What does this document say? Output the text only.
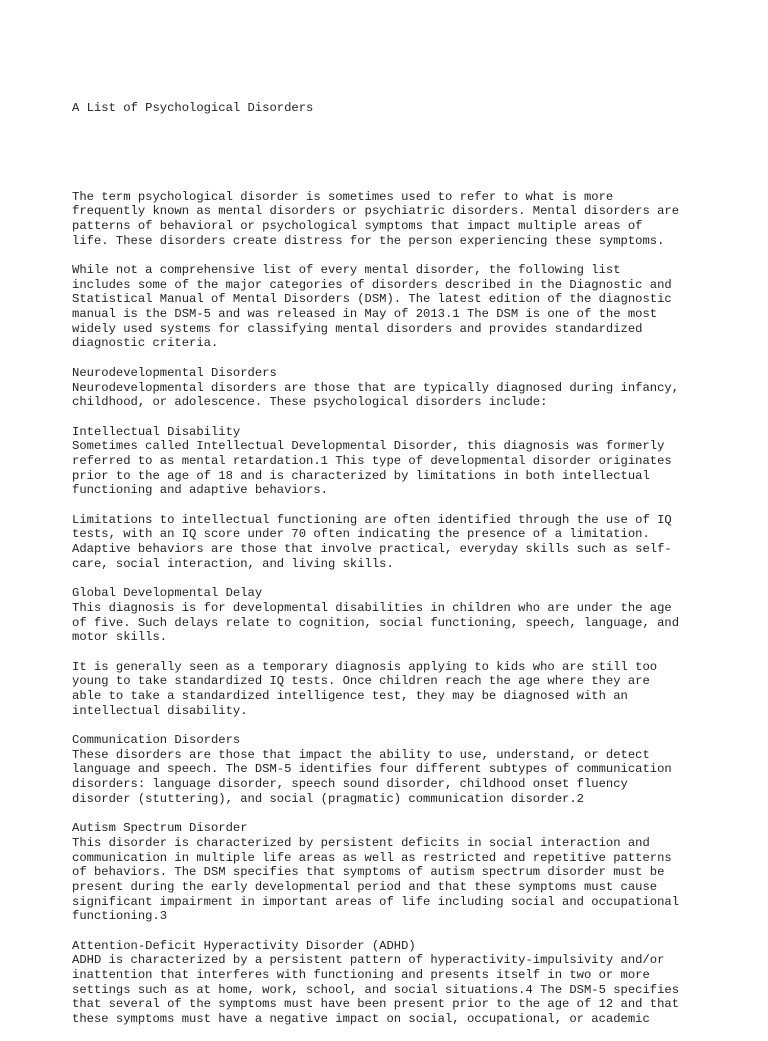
A List of Psychological Disorders

The term psychological disorder is sometimes used to refer to what is more
frequently known as mental disorders or psychiatric disorders. Mental disorders are
patterns of behavioral or psychological symptoms that impact multiple areas of
life. These disorders create distress for the person experiencing these symptoms.
While not a comprehensive list of every mental disorder, the following list
includes some of the major categories of disorders described in the Diagnostic and
Statistical Manual of Mental Disorders (DSM). The latest edition of the diagnostic
manual is the DSM-5 and was released in May of 2013.1 The DSM is one of the most
widely used systems for classifying mental disorders and provides standardized
diagnostic criteria.
Neurodevelopmental Disorders
Neurodevelopmental disorders are those that are typically diagnosed during infancy,
childhood, or adolescence. These psychological disorders include:
Intellectual Disability
Sometimes called Intellectual Developmental Disorder, this diagnosis was formerly
referred to as mental retardation.1 This type of developmental disorder originates
prior to the age of 18 and is characterized by limitations in both intellectual
functioning and adaptive behaviors.
Limitations to intellectual functioning are often identified through the use of IQ
tests, with an IQ score under 70 often indicating the presence of a limitation.
Adaptive behaviors are those that involve practical, everyday skills such as self-
care, social interaction, and living skills.
Global Developmental Delay
This diagnosis is for developmental disabilities in children who are under the age
of five. Such delays relate to cognition, social functioning, speech, language, and
motor skills.
It is generally seen as a temporary diagnosis applying to kids who are still too
young to take standardized IQ tests. Once children reach the age where they are
able to take a standardized intelligence test, they may be diagnosed with an
intellectual disability.
Communication Disorders
These disorders are those that impact the ability to use, understand, or detect
language and speech. The DSM-5 identifies four different subtypes of communication
disorders: language disorder, speech sound disorder, childhood onset fluency
disorder (stuttering), and social (pragmatic) communication disorder.2
Autism Spectrum Disorder
This disorder is characterized by persistent deficits in social interaction and
communication in multiple life areas as well as restricted and repetitive patterns
of behaviors. The DSM specifies that symptoms of autism spectrum disorder must be
present during the early developmental period and that these symptoms must cause
significant impairment in important areas of life including social and occupational
functioning.3
Attention-Deficit Hyperactivity Disorder (ADHD)
ADHD is characterized by a persistent pattern of hyperactivity-impulsivity and/or
inattention that interferes with functioning and presents itself in two or more
settings such as at home, work, school, and social situations.4 The DSM-5 specifies
that several of the symptoms must have been present prior to the age of 12 and that
these symptoms must have a negative impact on social, occupational, or academic
